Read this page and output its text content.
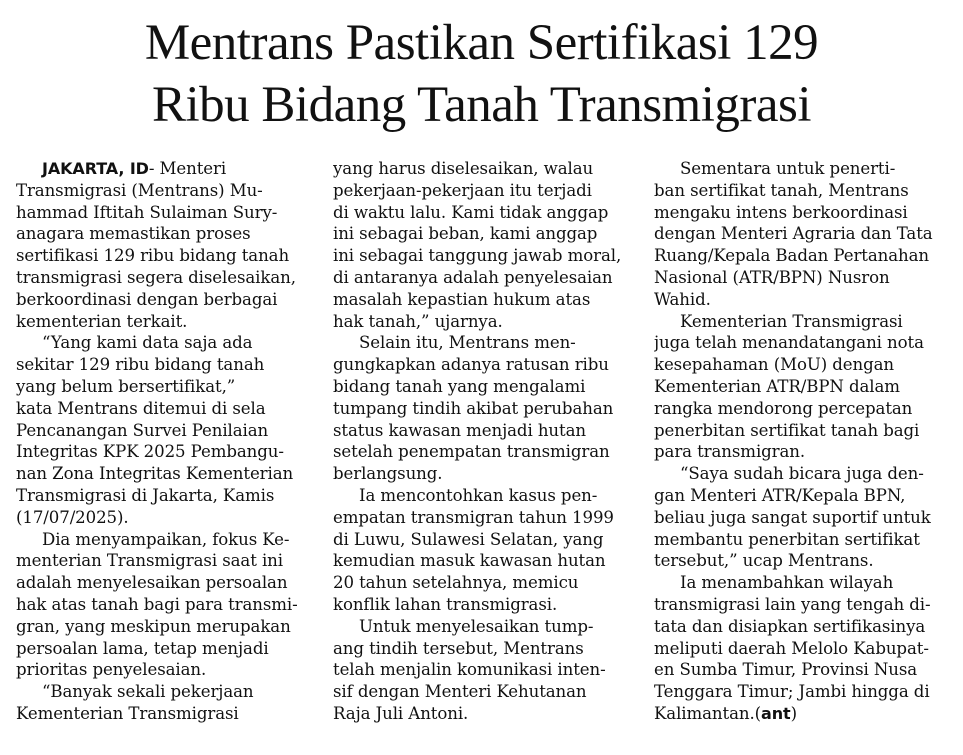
Mentrans Pastikan Sertifikasi 129
Ribu Bidang Tanah Transmigrasi
JAKARTA, ID- Menteri
Transmigrasi (Mentrans) Mu-
hammad Iftitah Sulaiman Sury-
anagara memastikan proses
sertifikasi 129 ribu bidang tanah
transmigrasi segera diselesaikan,
berkoordinasi dengan berbagai
kementerian terkait.
“Yang kami data saja ada
sekitar 129 ribu bidang tanah
yang belum bersertifikat,”
kata Mentrans ditemui di sela
Pencanangan Survei Penilaian
Integritas KPK 2025 Pembangu-
nan Zona Integritas Kementerian
Transmigrasi di Jakarta, Kamis
(17/07/2025).
Dia menyampaikan, fokus Ke-
menterian Transmigrasi saat ini
adalah menyelesaikan persoalan
hak atas tanah bagi para transmi-
gran, yang meskipun merupakan
persoalan lama, tetap menjadi
prioritas penyelesaian.
“Banyak sekali pekerjaan
Kementerian Transmigrasi
yang harus diselesaikan, walau
pekerjaan-pekerjaan itu terjadi
di waktu lalu. Kami tidak anggap
ini sebagai beban, kami anggap
ini sebagai tanggung jawab moral,
di antaranya adalah penyelesaian
masalah kepastian hukum atas
hak tanah,” ujarnya.
Selain itu, Mentrans men-
gungkapkan adanya ratusan ribu
bidang tanah yang mengalami
tumpang tindih akibat perubahan
status kawasan menjadi hutan
setelah penempatan transmigran
berlangsung.
Ia mencontohkan kasus pen-
empatan transmigran tahun 1999
di Luwu, Sulawesi Selatan, yang
kemudian masuk kawasan hutan
20 tahun setelahnya, memicu
konflik lahan transmigrasi.
Untuk menyelesaikan tump-
ang tindih tersebut, Mentrans
telah menjalin komunikasi inten-
sif dengan Menteri Kehutanan
Raja Juli Antoni.
Sementara untuk penerti-
ban sertifikat tanah, Mentrans
mengaku intens berkoordinasi
dengan Menteri Agraria dan Tata
Ruang/Kepala Badan Pertanahan
Nasional (ATR/BPN) Nusron
Wahid.
Kementerian Transmigrasi
juga telah menandatangani nota
kesepahaman (MoU) dengan
Kementerian ATR/BPN dalam
rangka mendorong percepatan
penerbitan sertifikat tanah bagi
para transmigran.
“Saya sudah bicara juga den-
gan Menteri ATR/Kepala BPN,
beliau juga sangat suportif untuk
membantu penerbitan sertifikat
tersebut,” ucap Mentrans.
Ia menambahkan wilayah
transmigrasi lain yang tengah di-
tata dan disiapkan sertifikasinya
meliputi daerah Melolo Kabupat-
en Sumba Timur, Provinsi Nusa
Tenggara Timur; Jambi hingga di
Kalimantan.(ant)
